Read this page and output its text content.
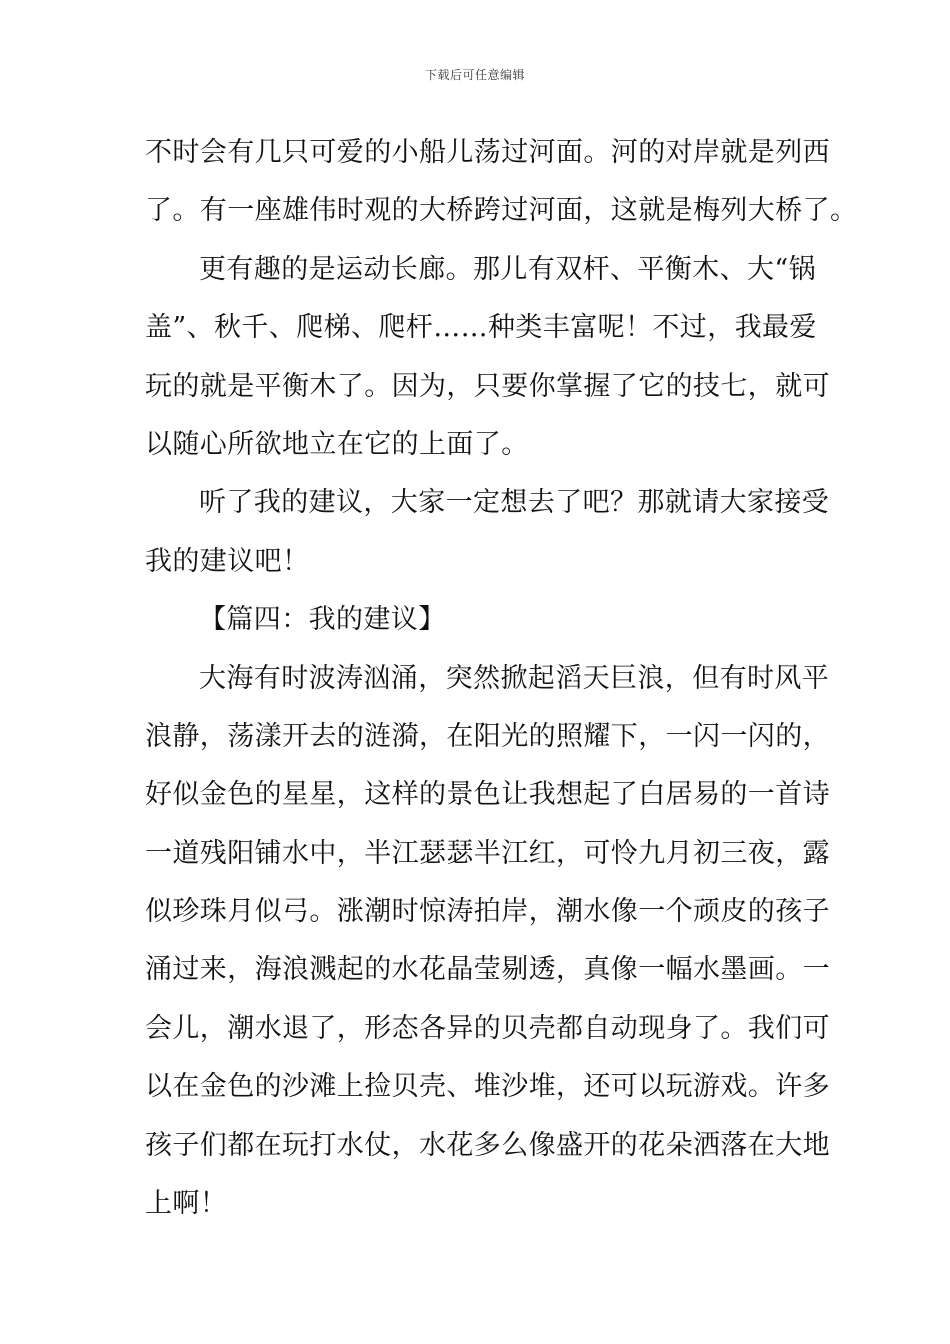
下载后可任意编辑
不时会有几只可爱的小船儿荡过河面。河的对岸就是列西
了。有一座雄伟时观的大桥跨过河面，这就是梅列大桥了。
更有趣的是运动长廊。那儿有双杆、平衡木、大“锅
盖”、秋千、爬梯、爬杆……种类丰富呢！不过，我最爱
玩的就是平衡木了。因为，只要你掌握了它的技七，就可
以随心所欲地立在它的上面了。
听了我的建议，大家一定想去了吧？那就请大家接受
我的建议吧！
【篇四：我的建议】
大海有时波涛汹涌，突然掀起滔天巨浪，但有时风平
浪静，荡漾开去的涟漪，在阳光的照耀下，一闪一闪的，
好似金色的星星，这样的景色让我想起了白居易的一首诗
一道残阳铺水中，半江瑟瑟半江红，可怜九月初三夜，露
似珍珠月似弓。涨潮时惊涛拍岸，潮水像一个顽皮的孩子
涌过来，海浪溅起的水花晶莹剔透，真像一幅水墨画。一
会儿，潮水退了，形态各异的贝壳都自动现身了。我们可
以在金色的沙滩上捡贝壳、堆沙堆，还可以玩游戏。许多
孩子们都在玩打水仗，水花多么像盛开的花朵洒落在大地
上啊！
